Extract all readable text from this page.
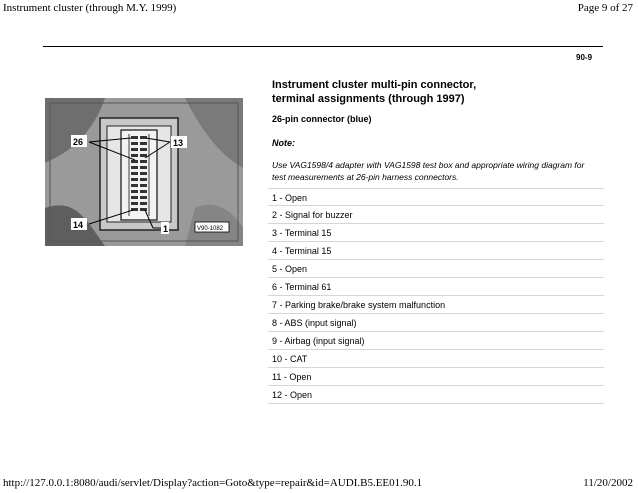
Instrument cluster (through M.Y. 1999)	Page 9 of 27
90-9
Instrument cluster multi-pin connector,
terminal assignments (through 1997)
26-pin connector (blue)
Note:
Use VAG1598/4 adapter with VAG1598 test box and appropriate wiring diagram for test measurements at 26-pin harness connectors.
1 - Open
2 - Signal for buzzer
3 - Terminal 15
4 - Terminal 15
5 - Open
6 - Terminal 61
7 - Parking brake/brake system malfunction
8 - ABS (input signal)
9 - Airbag (input signal)
10 - CAT
11 - Open
12 - Open
26	13
14	1	V90-1082
http://127.0.0.1:8080/audi/servlet/Display?action=Goto&type=repair&id=AUDI.B5.EE01.90.1	11/20/2002
